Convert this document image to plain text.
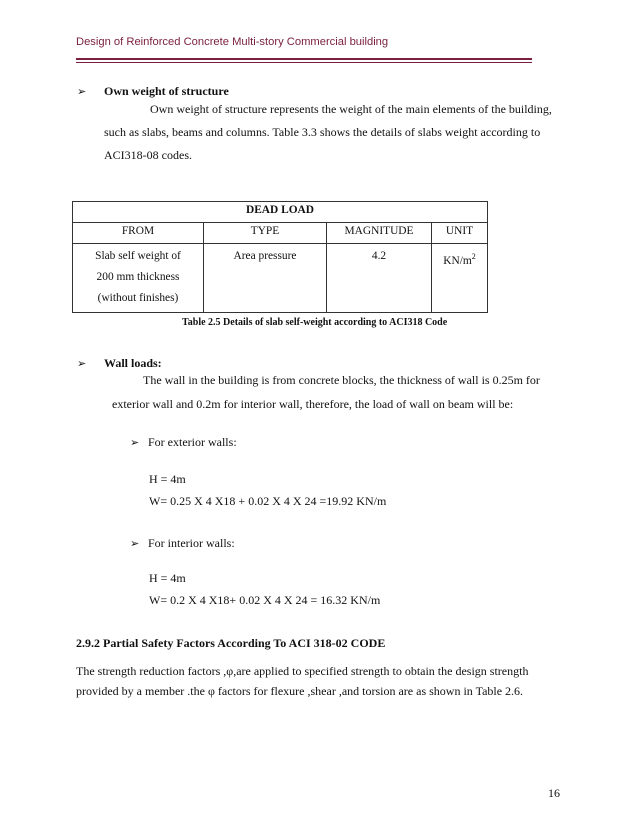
Design of Reinforced Concrete Multi-story Commercial building
➢ Own weight of structure
Own weight of structure represents the weight of the main elements of the building,
such as slabs, beams and columns. Table 3.3 shows the details of slabs weight according to
ACI318-08 codes.
DEAD LOAD			
FROM	TYPE	MAGNITUDE	UNIT

Slab self weight of
200 mm thickness
(without finishes)	Area pressure	4.2	$KN/m^2$
Table 2.5 Details of slab self-weight according to ACI318 Code
➢ Wall loads:
The wall in the building is from concrete blocks, the thickness of wall is 0.25m for
exterior wall and 0.2m for interior wall, therefore, the load of wall on beam will be:
➢ For exterior walls:
H = 4m
W= 0.25 X 4 X18 + 0.02 X 4 X 24 =19.92 KN/m
➢ For interior walls:
H = 4m
W= 0.2 X 4 X18+ 0.02 X 4 X 24 = 16.32 KN/m
2.9.2 Partial Safety Factors According To ACI 318-02 CODE
The strength reduction factors ,φ,are applied to specified strength to obtain the design strength
provided by a member .the φ factors for flexure ,shear ,and torsion are as shown in Table 2.6.
16
